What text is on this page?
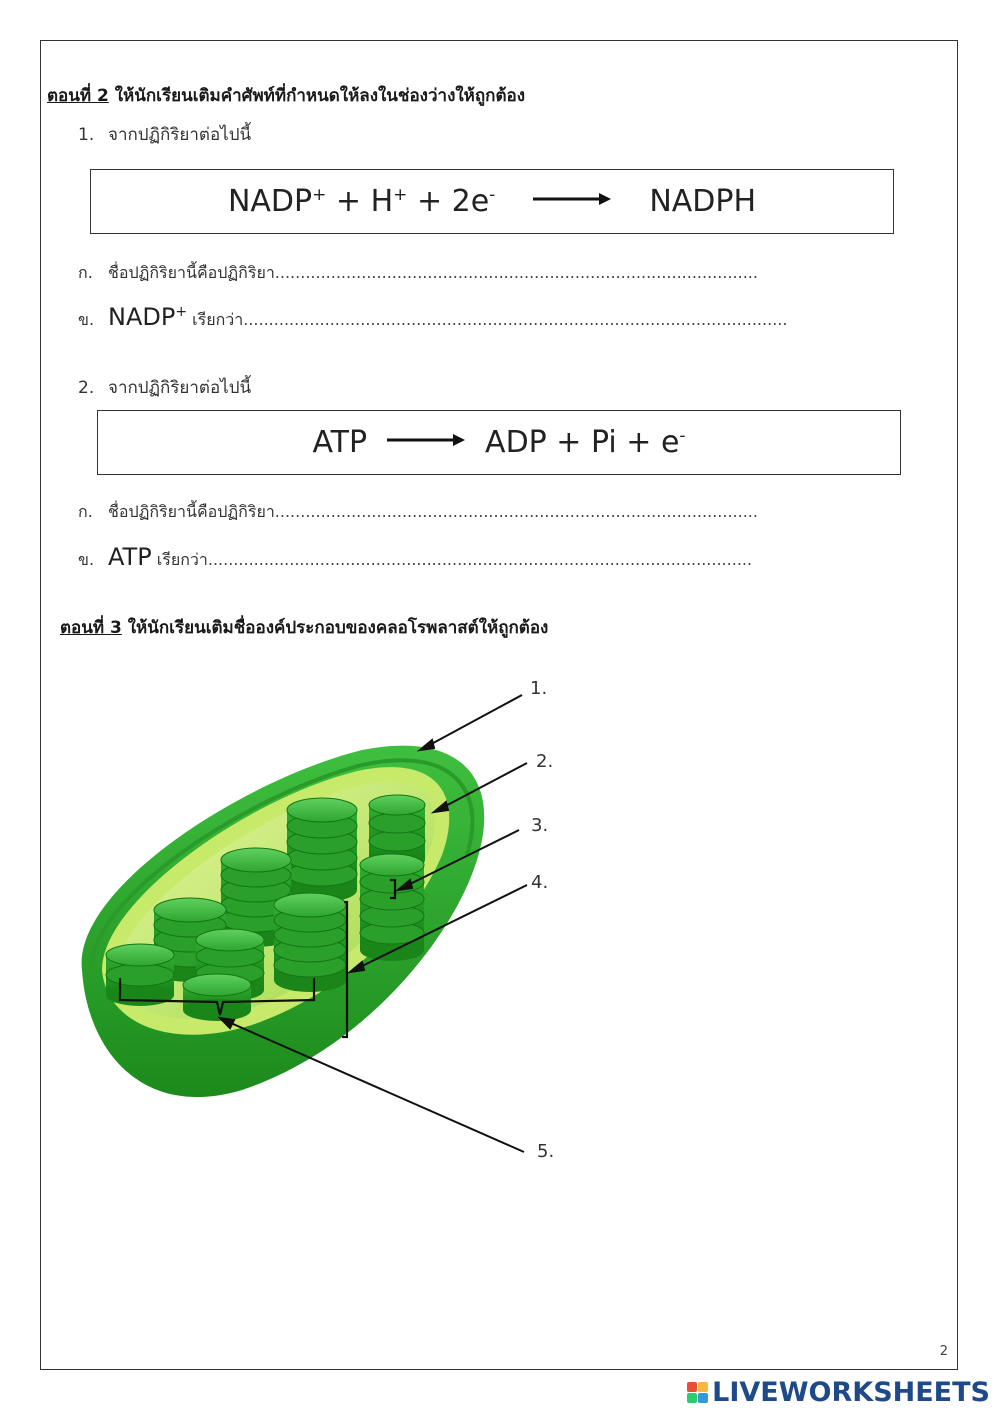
ตอนที่ 2 ให้นักเรียนเติมคำศัพท์ที่กำหนดให้ลงในช่องว่างให้ถูกต้อง
1. จากปฏิกิริยาต่อไปนี้
NADP+ + H+ + 2e-	NADPH
ก. ชื่อปฏิกิริยานี้คือปฏิกิริยา...............................................................................................
ข. NADP+ เรียกว่า...........................................................................................................
2. จากปฏิกิริยาต่อไปนี้
ATP	ADP + Pi + e-
ก. ชื่อปฏิกิริยานี้คือปฏิกิริยา...............................................................................................
ข. ATP เรียกว่า...........................................................................................................
ตอนที่ 3 ให้นักเรียนเติมชื่อองค์ประกอบของคลอโรพลาสต์ให้ถูกต้อง
1.
2.
3.
4.
5.
2
LIVEWORKSHEETS
